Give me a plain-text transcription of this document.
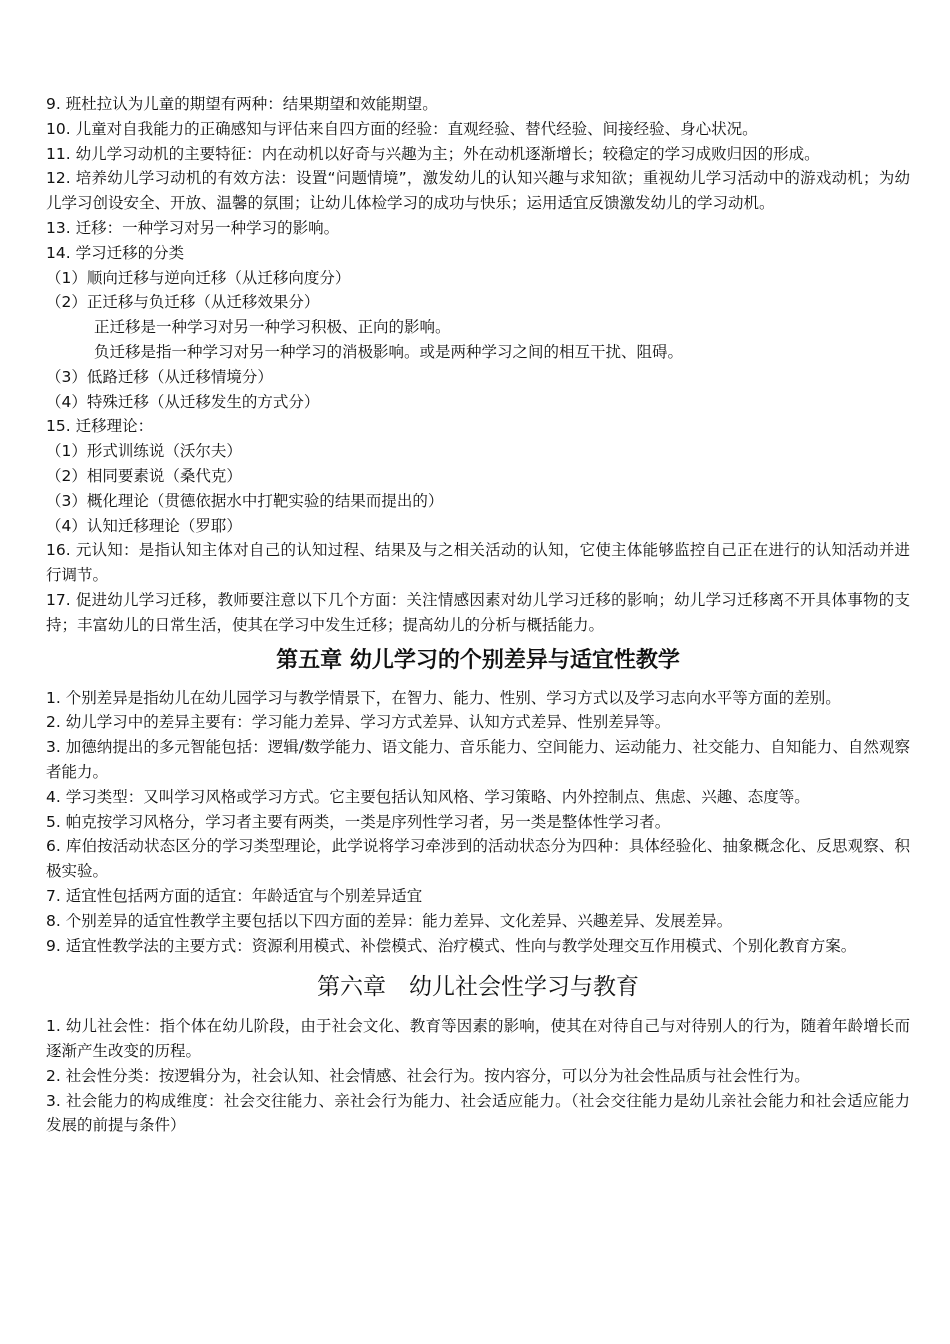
9. 班杜拉认为儿童的期望有两种：结果期望和效能期望。

10. 儿童对自我能力的正确感知与评估来自四方面的经验：直观经验、替代经验、间接经验、身心状况。

11. 幼儿学习动机的主要特征：内在动机以好奇与兴趣为主；外在动机逐渐增长；较稳定的学习成败归因的形成。

12. 培养幼儿学习动机的有效方法：设置“问题情境”，激发幼儿的认知兴趣与求知欲；重视幼儿学习活动中的游戏动机；为幼儿学习创设安全、开放、温馨的氛围；让幼儿体检学习的成功与快乐；运用适宜反馈激发幼儿的学习动机。

13. 迁移：一种学习对另一种学习的影响。

14. 学习迁移的分类

（1）顺向迁移与逆向迁移（从迁移向度分）

（2）正迁移与负迁移（从迁移效果分）

正迁移是一种学习对另一种学习积极、正向的影响。

负迁移是指一种学习对另一种学习的消极影响。或是两种学习之间的相互干扰、阻碍。

（3）低路迁移（从迁移情境分）

（4）特殊迁移（从迁移发生的方式分）

15. 迁移理论：

（1）形式训练说（沃尔夫）

（2）相同要素说（桑代克）

（3）概化理论（贯德依据水中打靶实验的结果而提出的）

（4）认知迁移理论（罗耶）

16. 元认知：是指认知主体对自己的认知过程、结果及与之相关活动的认知，它使主体能够监控自己正在进行的认知活动并进行调节。

17. 促进幼儿学习迁移，教师要注意以下几个方面：关注情感因素对幼儿学习迁移的影响；幼儿学习迁移离不开具体事物的支持；丰富幼儿的日常生活，使其在学习中发生迁移；提高幼儿的分析与概括能力。

第五章 幼儿学习的个别差异与适宜性教学

1. 个别差异是指幼儿在幼儿园学习与教学情景下，在智力、能力、性别、学习方式以及学习志向水平等方面的差别。

2. 幼儿学习中的差异主要有：学习能力差异、学习方式差异、认知方式差异、性别差异等。

3. 加德纳提出的多元智能包括：逻辑/数学能力、语文能力、音乐能力、空间能力、运动能力、社交能力、自知能力、自然观察者能力。

4. 学习类型：又叫学习风格或学习方式。它主要包括认知风格、学习策略、内外控制点、焦虑、兴趣、态度等。

5. 帕克按学习风格分，学习者主要有两类，一类是序列性学习者，另一类是整体性学习者。

6. 库伯按活动状态区分的学习类型理论，此学说将学习牵涉到的活动状态分为四种：具体经验化、抽象概念化、反思观察、积极实验。

7. 适宜性包括两方面的适宜：年龄适宜与个别差异适宜

8. 个别差异的适宜性教学主要包括以下四方面的差异：能力差异、文化差异、兴趣差异、发展差异。

9. 适宜性教学法的主要方式：资源利用模式、补偿模式、治疗模式、性向与教学处理交互作用模式、个别化教育方案。

第六章　幼儿社会性学习与教育

1. 幼儿社会性：指个体在幼儿阶段，由于社会文化、教育等因素的影响，使其在对待自己与对待别人的行为，随着年龄增长而逐渐产生改变的历程。

2. 社会性分类：按逻辑分为，社会认知、社会情感、社会行为。按内容分，可以分为社会性品质与社会性行为。

3. 社会能力的构成维度：社会交往能力、亲社会行为能力、社会适应能力。（社会交往能力是幼儿亲社会能力和社会适应能力发展的前提与条件）
